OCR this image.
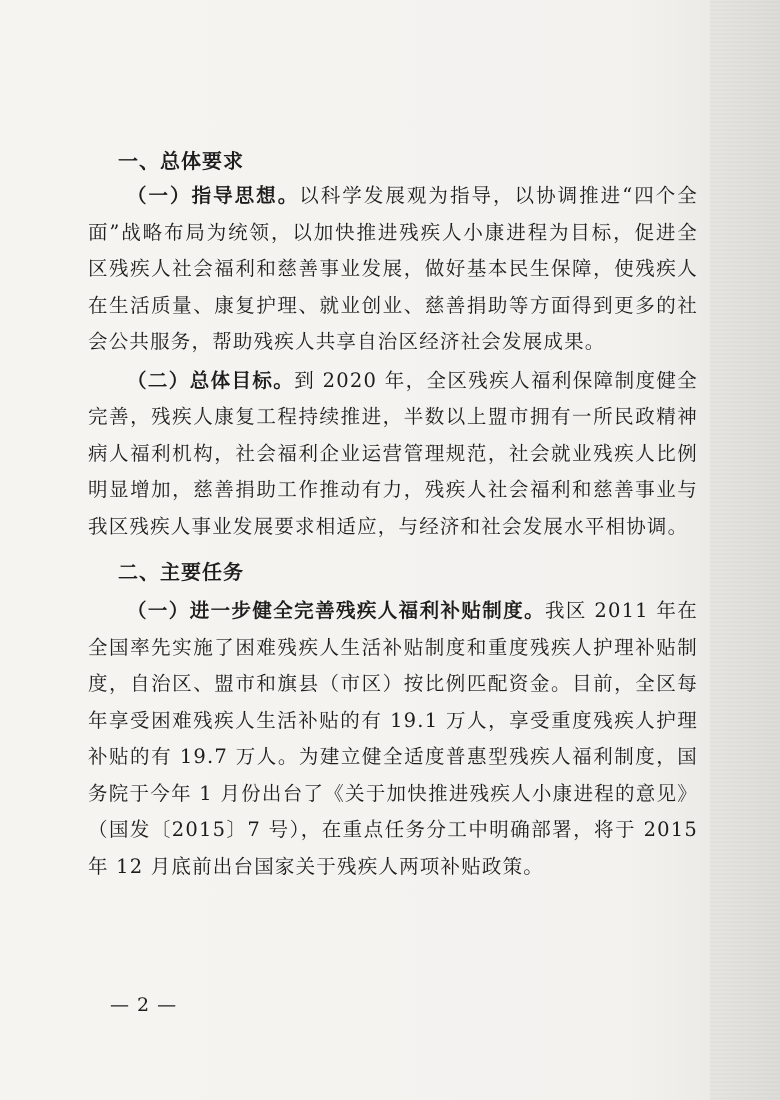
一、总体要求

（一）指导思想。以科学发展观为指导，以协调推进“四个全面”战略布局为统领，以加快推进残疾人小康进程为目标，促进全区残疾人社会福利和慈善事业发展，做好基本民生保障，使残疾人在生活质量、康复护理、就业创业、慈善捐助等方面得到更多的社会公共服务，帮助残疾人共享自治区经济社会发展成果。

（二）总体目标。到 2020 年，全区残疾人福利保障制度健全完善，残疾人康复工程持续推进，半数以上盟市拥有一所民政精神病人福利机构，社会福利企业运营管理规范，社会就业残疾人比例明显增加，慈善捐助工作推动有力，残疾人社会福利和慈善事业与我区残疾人事业发展要求相适应，与经济和社会发展水平相协调。

二、主要任务

（一）进一步健全完善残疾人福利补贴制度。我区 2011 年在全国率先实施了困难残疾人生活补贴制度和重度残疾人护理补贴制度，自治区、盟市和旗县（市区）按比例匹配资金。目前，全区每年享受困难残疾人生活补贴的有 19.1 万人，享受重度残疾人护理补贴的有 19.7 万人。为建立健全适度普惠型残疾人福利制度，国务院于今年 1 月份出台了《关于加快推进残疾人小康进程的意见》（国发〔2015〕7 号），在重点任务分工中明确部署，将于 2015 年 12 月底前出台国家关于残疾人两项补贴政策。

— 2 —
